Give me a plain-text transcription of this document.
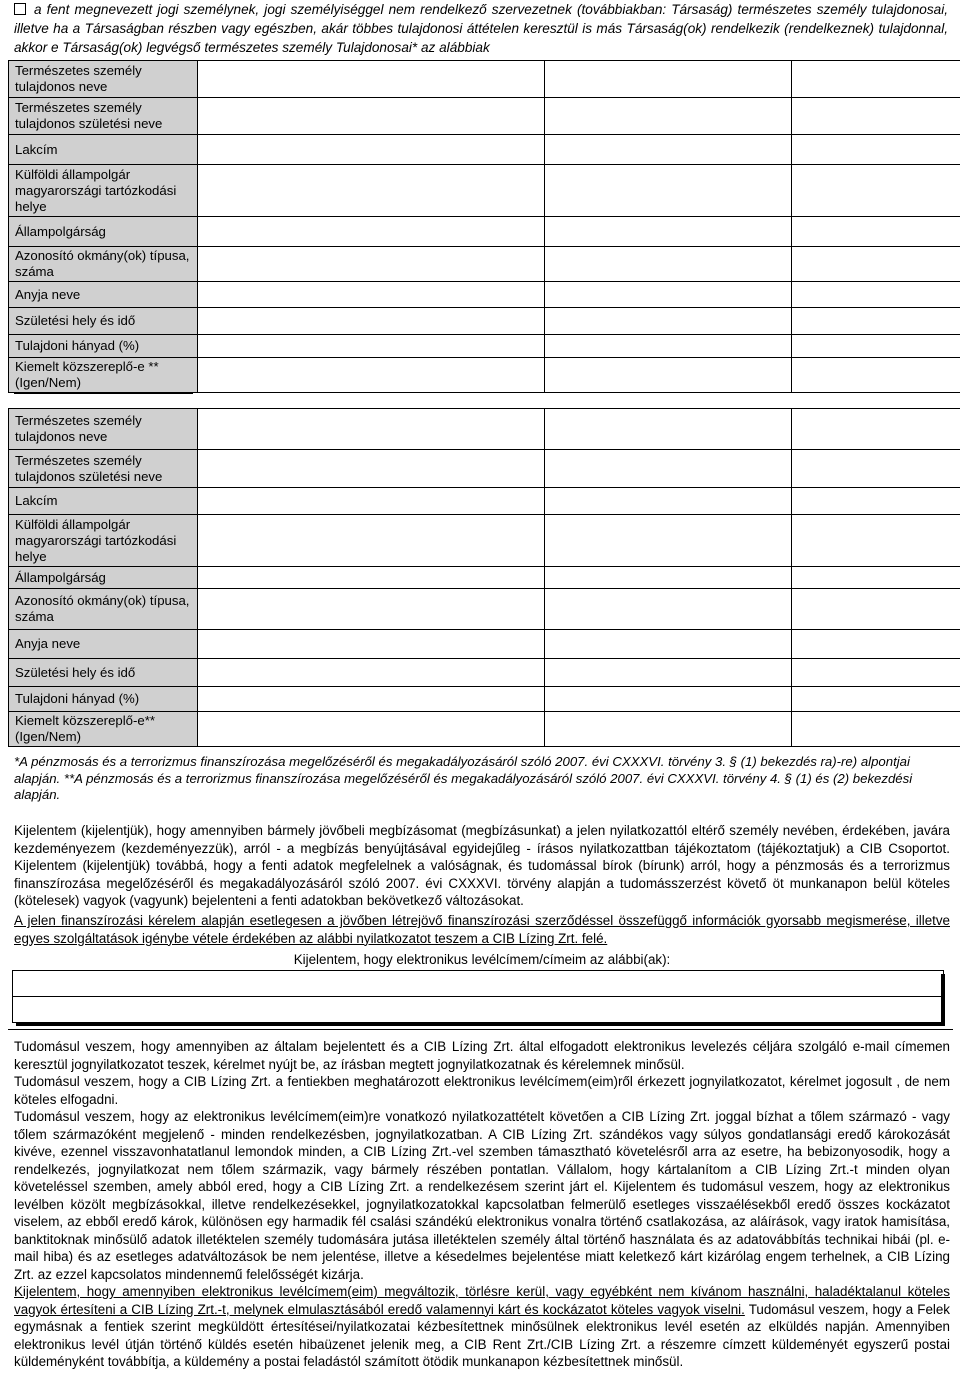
a fent megnevezett jogi személynek, jogi személyiséggel nem rendelkező szervezetnek (továbbiakban: Társaság) természetes személy tulajdonosai, illetve ha a Társaságban részben vagy egészben, akár többes tulajdonosi áttételen keresztül is más Társaság(ok) rendelkezik (rendelkeznek) tulajdonnal, akkor e Társaság(ok) legvégső természetes személy Tulajdonosai* az alábbiak
Természetes személy tulajdonos neve			
Természetes személy tulajdonos születési neve			
Lakcím			
Külföldi állampolgár magyarországi tartózkodási helye			
Állampolgárság			
Azonosító okmány(ok) típusa, száma			
Anyja neve			
Születési hely és idő			
Tulajdoni hányad (%)			
Kiemelt közszereplő-e ** (Igen/Nem)			
Természetes személy tulajdonos neve			
Természetes személy tulajdonos születési neve			
Lakcím			
Külföldi állampolgár magyarországi tartózkodási helye			
Állampolgárság			
Azonosító okmány(ok) típusa, száma			
Anyja neve			
Születési hely és idő			
Tulajdoni hányad (%)			
Kiemelt közszereplő-e** (Igen/Nem)			
*A pénzmosás és a terrorizmus finanszírozása megelőzéséről és megakadályozásáról szóló 2007. évi CXXXVI. törvény 3. § (1) bekezdés ra)-re) alpontjai alapján. **A pénzmosás és a terrorizmus finanszírozása megelőzéséről és megakadályozásáról szóló 2007. évi CXXXVI. törvény 4. § (1) és (2) bekezdési alapján.
Kijelentem (kijelentjük), hogy amennyiben bármely jövőbeli megbízásomat (megbízásunkat) a jelen nyilatkozattól eltérő személy nevében, érdekében, javára kezdeményezem (kezdeményezzük), arról - a megbízás benyújtásával egyidejűleg - írásos nyilatkozattban tájékoztatom (tájékoztatjuk) a CIB Csoportot. Kijelentem (kijelentjük) továbbá, hogy a fenti adatok megfelelnek a valóságnak, és tudomással bírok (bírunk) arról, hogy a pénzmosás és a terrorizmus finanszírozása megelőzéséről és megakadályozásáról szóló 2007. évi CXXXVI. törvény alapján a tudomásszerzést követő öt munkanapon belül köteles (kötelesek) vagyok (vagyunk) bejelenteni a fenti adatokban bekövetkező változásokat.
A jelen finanszírozási kérelem alapján esetlegesen a jövőben létrejövő finanszírozási szerződéssel összefüggő információk gyorsabb megismerése, illetve egyes szolgáltatások igénybe vétele érdekében az alábbi nyilatkozatot teszem a CIB Lízing Zrt. felé.
Kijelentem, hogy elektronikus levélcímem/címeim az alábbi(ak):
Tudomásul veszem, hogy amennyiben az általam bejelentett és a CIB Lízing Zrt. által elfogadott elektronikus levelezés céljára szolgáló e-mail címemen keresztül jognyilatkozatot teszek, kérelmet nyújt be, az írásban megtett jognyilatkozatnak és kérelemnek minősül.
Tudomásul veszem, hogy a CIB Lízing Zrt. a fentiekben meghatározott elektronikus levélcímem(eim)ről érkezett jognyilatkozatot, kérelmet jogosult , de nem köteles elfogadni.
Tudomásul veszem, hogy az elektronikus levélcímem(eim)re vonatkozó nyilatkozattételt követően a CIB Lízing Zrt. joggal bízhat a tőlem származó - vagy tőlem származóként megjelenő - minden rendelkezésben, jognyilatkozatban. A CIB Lízing Zrt. szándékos vagy súlyos gondatlansági eredő károkozását kivéve, ezennel visszavonhatatlanul lemondok minden, a CIB Lízing Zrt.-vel szemben támasztható követelésről arra az esetre, ha bebizonyosodik, hogy a rendelkezés, jognyilatkozat nem tőlem származik, vagy bármely részében pontatlan. Vállalom, hogy kártalanítom a CIB Lízing Zrt.-t minden olyan követeléssel szemben, amely abból ered, hogy a CIB Lízing Zrt. a rendelkezésem szerint járt el. Kijelentem és tudomásul veszem, hogy az elektronikus levélben közölt megbízásokkal, illetve rendelkezésekkel, jognyilatkozatokkal kapcsolatban felmerülő esetleges visszaélésekből eredő összes kockázatot viselem, az ebből eredő károk, különösen egy harmadik fél csalási szándékú elektronikus vonalra történő csatlakozása, az aláírások, vagy iratok hamisítása, banktitoknak minősülő adatok illetéktelen személy tudomására jutása illetéktelen személy által történő használata és az adatovábbítás technikai hibái (pl. e-mail hiba) és az esetleges adatváltozások be nem jelentése, illetve a késedelmes bejelentése miatt keletkező kárt kizárólag engem terhelnek, a CIB Lízing Zrt. az ezzel kapcsolatos mindennemű felelősségét kizárja.
Kijelentem, hogy amennyiben elektronikus levélcímem(eim) megváltozik, törlésre kerül, vagy egyébként nem kívánom használni, haladéktalanul köteles vagyok értesíteni a CIB Lízing Zrt.-t, melynek elmulasztásából eredő valamennyi kárt és kockázatot köteles vagyok viselni. Tudomásul veszem, hogy a Felek egymásnak a fentiek szerint megküldött értesítései/nyilatkozatai kézbesítettnek minősülnek elektronikus levél esetén az elküldés napján. Amennyiben elektronikus levél útján történő küldés esetén hibaüzenet jelenik meg, a CIB Rent Zrt./CIB Lízing Zrt. a részemre címzett küldeményét egyszerű postai küldeményként továbbítja, a küldemény a postai feladástól számított ötödik munkanapon kézbesítettnek minősül.
